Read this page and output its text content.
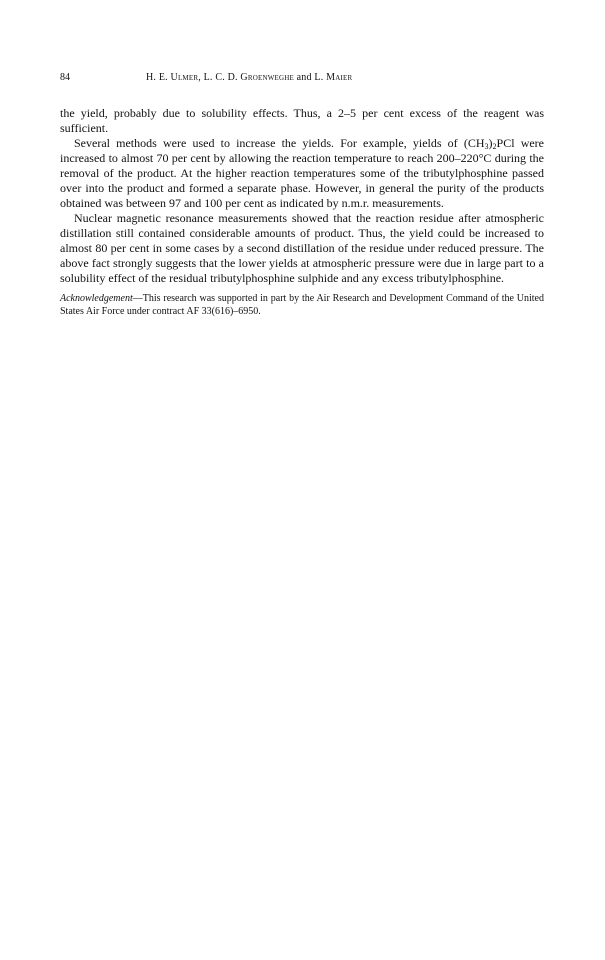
84	H. E. Ulmer, L. C. D. Groenweghe and L. Maier

the yield, probably due to solubility effects. Thus, a 2–5 per cent excess of the reagent was sufficient.

Several methods were used to increase the yields. For example, yields of $(CH_3)_2PCl$ were increased to almost 70 per cent by allowing the reaction temperature to reach 200–220°C during the removal of the product. At the higher reaction temperatures some of the tributylphosphine passed over into the product and formed a separate phase. However, in general the purity of the products obtained was between 97 and 100 per cent as indicated by n.m.r. measurements.

Nuclear magnetic resonance measurements showed that the reaction residue after atmospheric distillation still contained considerable amounts of product. Thus, the yield could be increased to almost 80 per cent in some cases by a second distillation of the residue under reduced pressure. The above fact strongly suggests that the lower yields at atmospheric pressure were due in large part to a solubility effect of the residual tributylphosphine sulphide and any excess tributylphosphine.

Acknowledgement—This research was supported in part by the Air Research and Development Command of the United States Air Force under contract AF 33(616)–6950.
